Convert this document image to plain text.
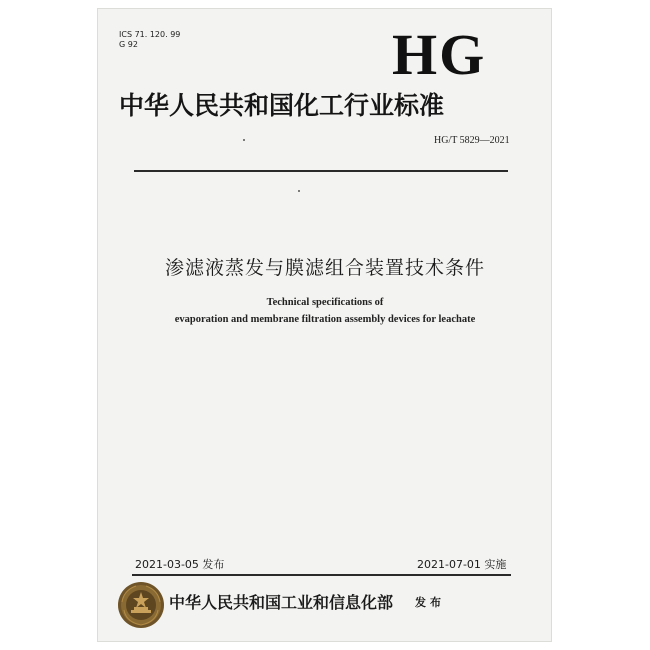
ICS 71. 120. 99
G 92	HG
中华人民共和国化工行业标准
HG/T 5829—2021
渗滤液蒸发与膜滤组合装置技术条件
Technical specifications of
evaporation and membrane filtration assembly devices for leachate
2021-03-05 发布	2021-07-01 实施
中华人民共和国工业和信息化部 发布
